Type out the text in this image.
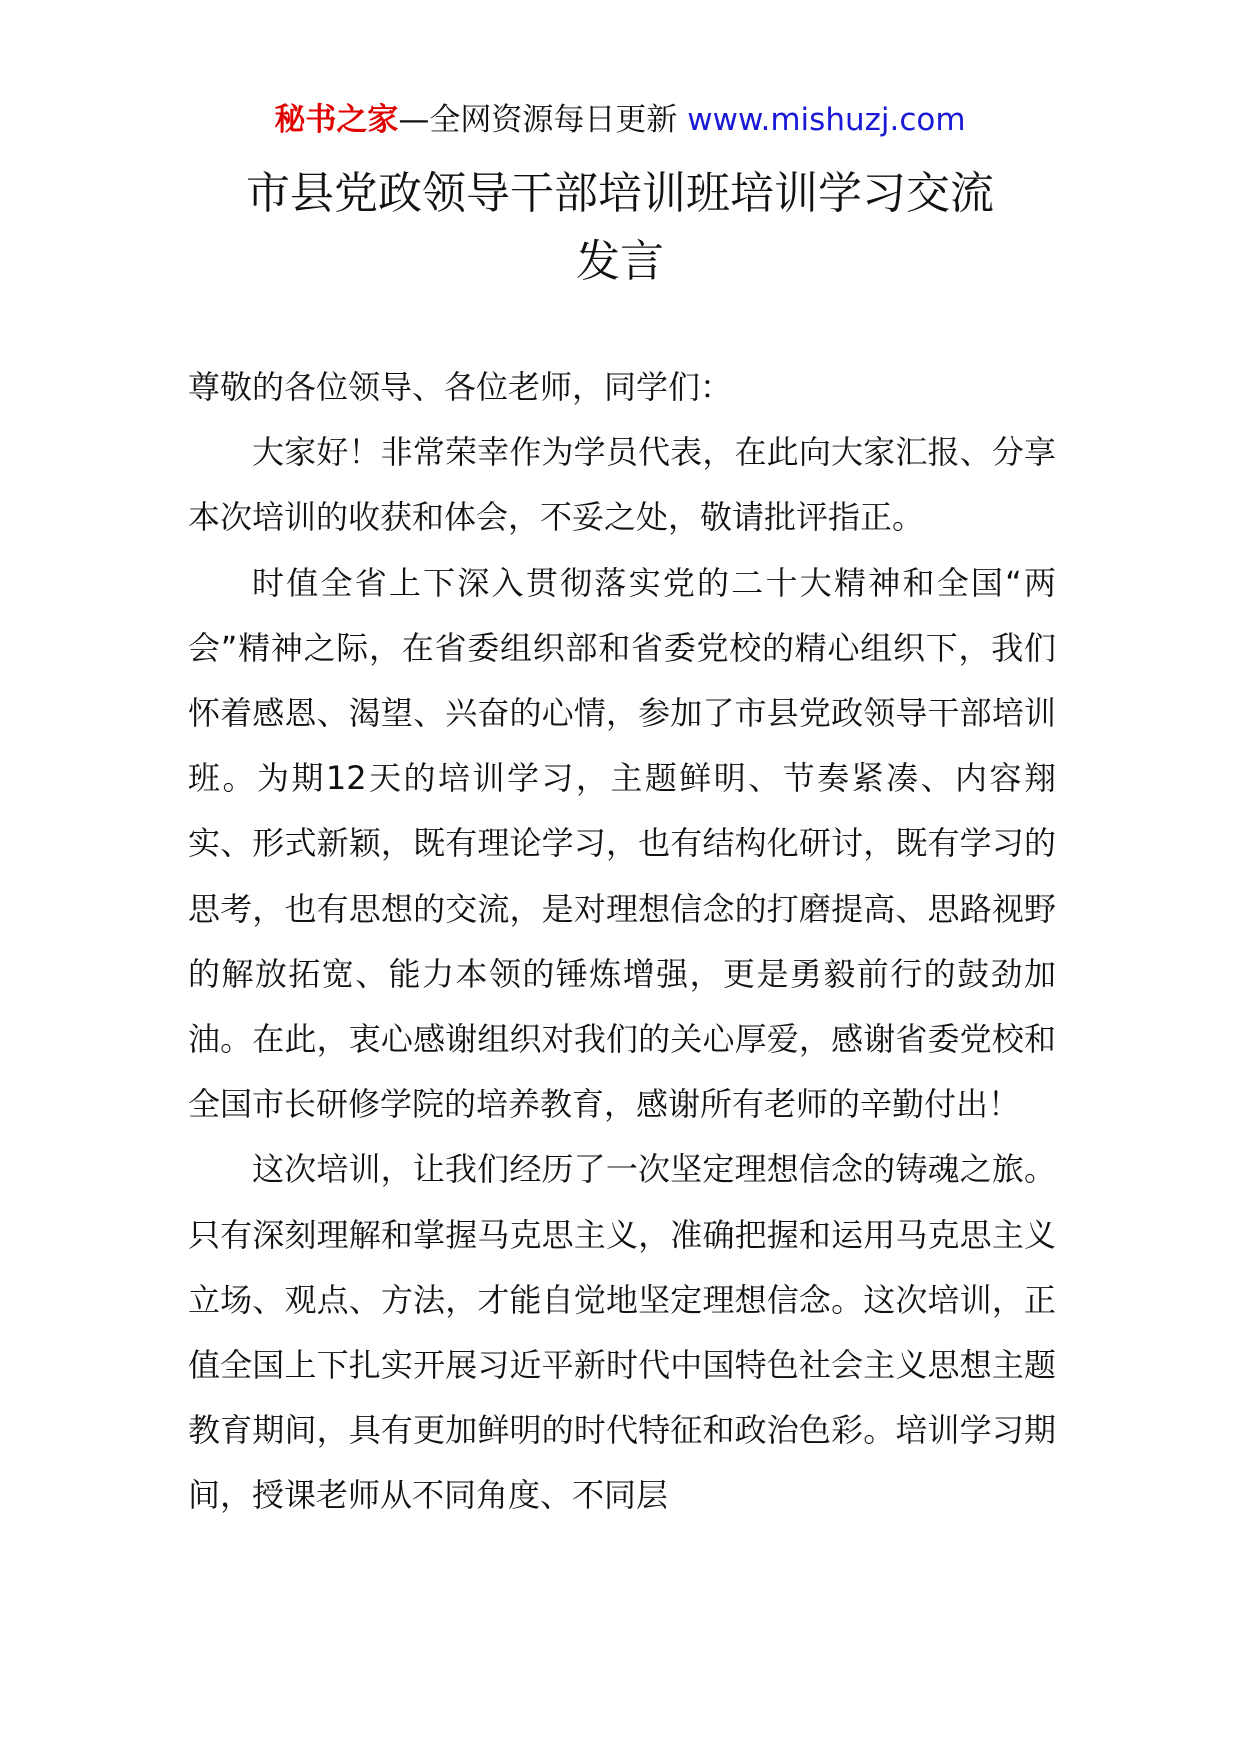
秘书之家—全网资源每日更新 www.mishuzj.com
市县党政领导干部培训班培训学习交流
发言

尊敬的各位领导、各位老师，同学们：

大家好！非常荣幸作为学员代表，在此向大家汇报、分享本次培训的收获和体会，不妥之处，敬请批评指正。

时值全省上下深入贯彻落实党的二十大精神和全国“两会”精神之际，在省委组织部和省委党校的精心组织下，我们怀着感恩、渴望、兴奋的心情，参加了市县党政领导干部培训班。为期12天的培训学习，主题鲜明、节奏紧凑、内容翔实、形式新颖，既有理论学习，也有结构化研讨，既有学习的思考，也有思想的交流，是对理想信念的打磨提高、思路视野的解放拓宽、能力本领的锤炼增强，更是勇毅前行的鼓劲加油。在此，衷心感谢组织对我们的关心厚爱，感谢省委党校和全国市长研修学院的培养教育，感谢所有老师的辛勤付出！

这次培训，让我们经历了一次坚定理想信念的铸魂之旅。只有深刻理解和掌握马克思主义，准确把握和运用马克思主义立场、观点、方法，才能自觉地坚定理想信念。这次培训，正值全国上下扎实开展习近平新时代中国特色社会主义思想主题教育期间，具有更加鲜明的时代特征和政治色彩。培训学习期间，授课老师从不同角度、不同层
